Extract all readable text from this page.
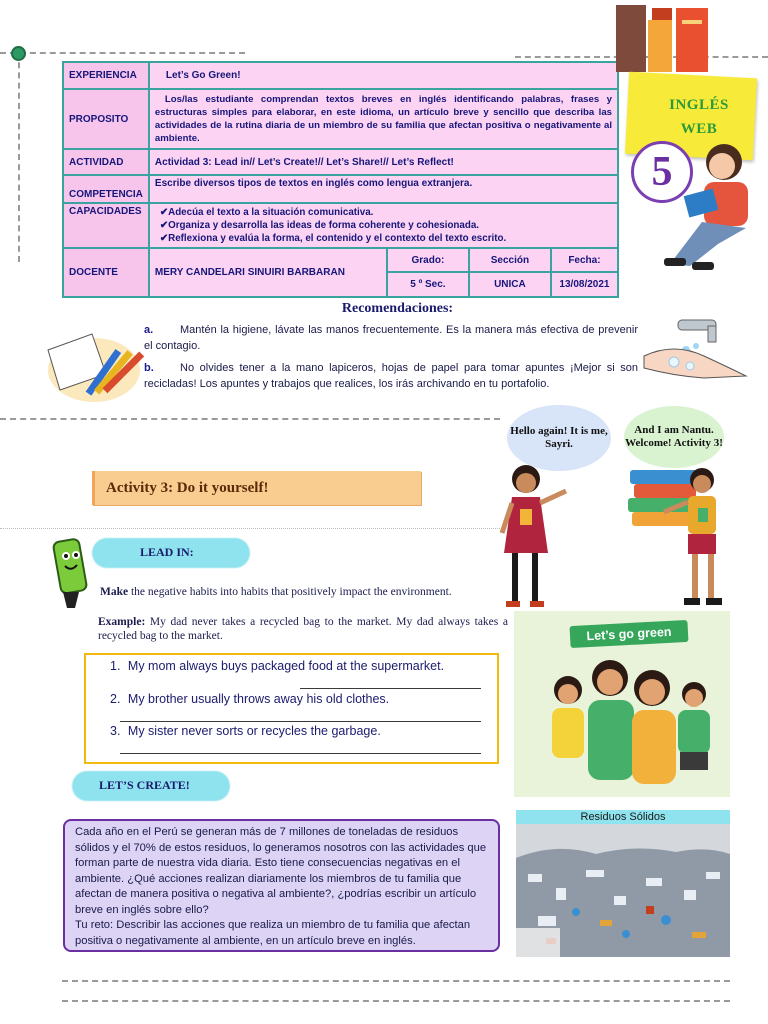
EXPERIENCIA	Let’s Go Green!			
PROPOSITO	Los/las estudiante comprendan textos breves en inglés identificando palabras, frases y estructuras simples para elaborar, en este idioma, un artículo breve y sencillo que describa las actividades de la rutina diaria de un miembro de su familia que afectan positiva o negativamente al ambiente.			
ACTIVIDAD	Actividad 3: Lead in// Let’s Create!// Let’s Share!// Let’s Reflect!			
COMPETENCIA	Escribe diversos tipos de textos en inglés como lengua extranjera.			
CAPACIDADES	✔Adecúa el texto a la situación comunicativa.
✔Organiza y desarrolla las ideas de forma coherente y cohesionada.
✔Reflexiona y evalúa la forma, el contenido y el contexto del texto escrito.			

DOCENTE	MERY CANDELARI SINUIRI BARBARAN	Grado:	Sección	Fecha:
		5 º Sec.	UNICA	13/08/2021
INGLÉS
WEB
5
Recomendaciones:
a. Mantén la higiene, lávate las manos frecuentemente. Es la manera más efectiva de prevenir el contagio.
b. No olvides tener a la mano lapiceros, hojas de papel para tomar apuntes ¡Mejor si son recicladas! Los apuntes y trabajos que realices, los irás archivando en tu portafolio.
Hello again! It is me, Sayri.
And I am Nantu. Welcome! Activity 3!
Activity 3: Do it yourself!
LEAD IN:
Make the negative habits into habits that positively impact the environment.
Example: My dad never takes a recycled bag to the market. My dad always takes a recycled bag to the market.
1. My mom always buys packaged food at the supermarket.
2. My brother usually throws away his old clothes.
3. My sister never sorts or recycles the garbage.
Let’s go green
LET’S CREATE!
Cada año en el Perú se generan más de 7 millones de toneladas de residuos sólidos y el 70% de estos residuos, lo generamos nosotros con las actividades que forman parte de nuestra vida diaria. Esto tiene consecuencias negativas en el ambiente. ¿Qué acciones realizan diariamente los miembros de tu familia que afectan de manera positiva o negativa al ambiente?, ¿podrías escribir un artículo breve en inglés sobre ello?
Tu reto: Describir las acciones que realiza un miembro de tu familia que afectan positiva o negativamente al ambiente, en un artículo breve en inglés.
Residuos Sólidos
